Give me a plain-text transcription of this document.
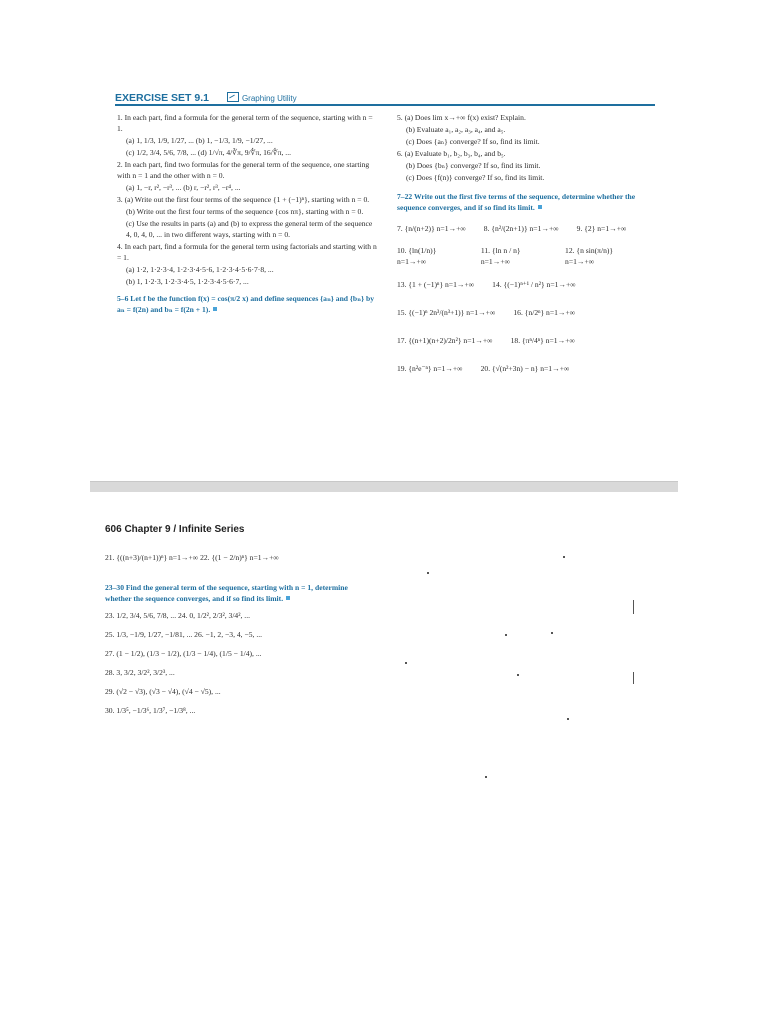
EXERCISE SET 9.1	Graphing Utility
1. In each part, find a formula for the general term of the sequence, starting with n = 1.
(a) 1, 1/3, 1/9, 1/27, ... (b) 1, −1/3, 1/9, −1/27, ...
(c) 1/2, 3/4, 5/6, 7/8, ... (d) 1/√π, 4/∛π, 9/∜π, 16/∜π, ...
2. In each part, find two formulas for the general term of the sequence, one starting with n = 1 and the other with n = 0.
(a) 1, −r, r², −r³, ... (b) r, −r², r³, −r⁴, ...
3. (a) Write out the first four terms of the sequence {1 + (−1)ⁿ}, starting with n = 0.
(b) Write out the first four terms of the sequence {cos nπ}, starting with n = 0.
(c) Use the results in parts (a) and (b) to express the general term of the sequence 4, 0, 4, 0, ... in two different ways, starting with n = 0.
4. In each part, find a formula for the general term using factorials and starting with n = 1.
(a) 1·2, 1·2·3·4, 1·2·3·4·5·6, 1·2·3·4·5·6·7·8, ...
(b) 1, 1·2·3, 1·2·3·4·5, 1·2·3·4·5·6·7, ...
5–6 Let f be the function f(x) = cos(π/2 x) and define sequences {aₙ} and {bₙ} by aₙ = f(2n) and bₙ = f(2n + 1).
5. (a) Does lim x→+∞ f(x) exist? Explain.
(b) Evaluate a₁, a₂, a₃, a₄, and a₅.
(c) Does {aₙ} converge? If so, find its limit.
6. (a) Evaluate b₁, b₂, b₃, b₄, and b₅.
(b) Does {bₙ} converge? If so, find its limit.
(c) Does {f(n)} converge? If so, find its limit.
7–22 Write out the first five terms of the sequence, determine whether the sequence converges, and if so find its limit.
7. {n/(n+2)} n=1→+∞ 8. {n²/(2n+1)} n=1→+∞ 9. {2} n=1→+∞
10. {ln(1/n)} n=1→+∞
11. {ln n / n} n=1→+∞
12. {n sin(π/n)} n=1→+∞
13. {1 + (−1)ⁿ} n=1→+∞ 14. {(−1)ⁿ⁺¹ / n²} n=1→+∞
15. {(−1)ⁿ 2n³/(n³+1)} n=1→+∞ 16. {n/2ⁿ} n=1→+∞
17. {(n+1)(n+2)/2n²} n=1→+∞ 18. {πⁿ/4ⁿ} n=1→+∞
19. {n²e⁻ⁿ} n=1→+∞ 20. {√(n²+3n) − n} n=1→+∞
606 Chapter 9 / Infinite Series
21. {((n+3)/(n+1))ⁿ} n=1→+∞ 22. {(1 − 2/n)ⁿ} n=1→+∞
23–30 Find the general term of the sequence, starting with n = 1, determine whether the sequence converges, and if so find its limit.
23. 1/2, 3/4, 5/6, 7/8, ... 24. 0, 1/2², 2/3², 3/4², ...
25. 1/3, −1/9, 1/27, −1/81, ... 26. −1, 2, −3, 4, −5, ...
27. (1 − 1/2), (1/3 − 1/2), (1/3 − 1/4), (1/5 − 1/4), ...
28. 3, 3/2, 3/2², 3/2³, ...
29. (√2 − √3), (√3 − √4), (√4 − √5), ...
30. 1/3⁵, −1/3⁶, 1/3⁷, −1/3⁸, ...
